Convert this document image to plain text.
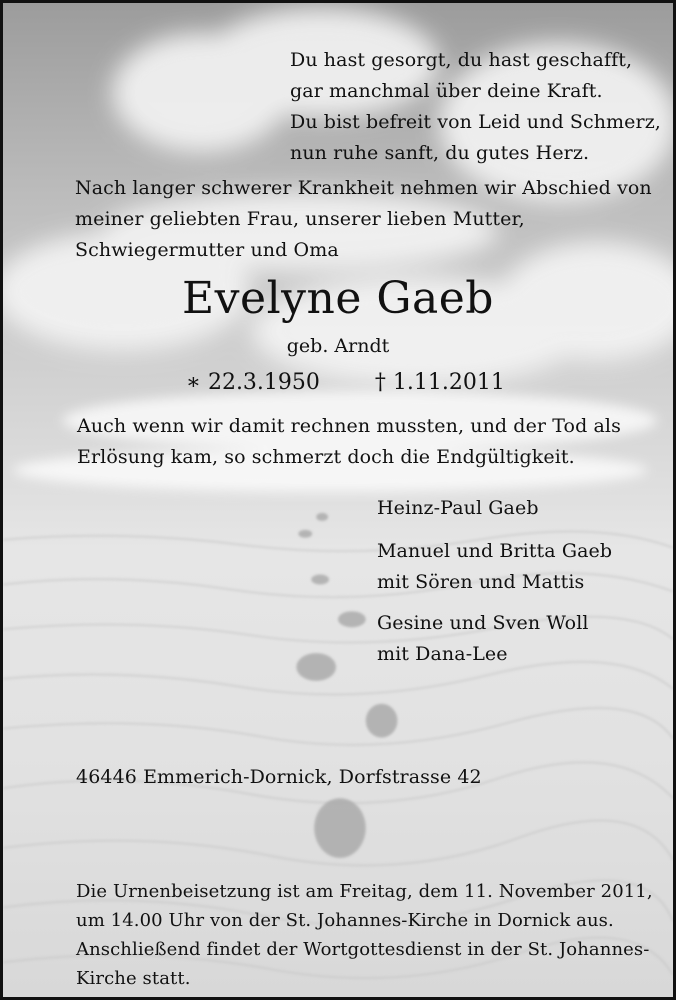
Du hast gesorgt, du hast geschafft,
gar manchmal über deine Kraft.
Du bist befreit von Leid und Schmerz,
nun ruhe sanft, du gutes Herz.
Nach langer schwerer Krankheit nehmen wir Abschied von
meiner geliebten Frau, unserer lieben Mutter,
Schwiegermutter und Oma
Evelyne Gaeb
geb. Arndt
∗ 22.3.1950	† 1.11.2011
Auch wenn wir damit rechnen mussten, und der Tod als
Erlösung kam, so schmerzt doch die Endgültigkeit.
Heinz-Paul Gaeb
Manuel und Britta Gaeb
mit Sören und Mattis
Gesine und Sven Woll
mit Dana-Lee
46446 Emmerich-Dornick, Dorfstrasse 42
Die Urnenbeisetzung ist am Freitag, dem 11. November 2011,
um 14.00 Uhr von der St. Johannes-Kirche in Dornick aus.
Anschließend findet der Wortgottesdienst in der St. Johannes-
Kirche statt.
